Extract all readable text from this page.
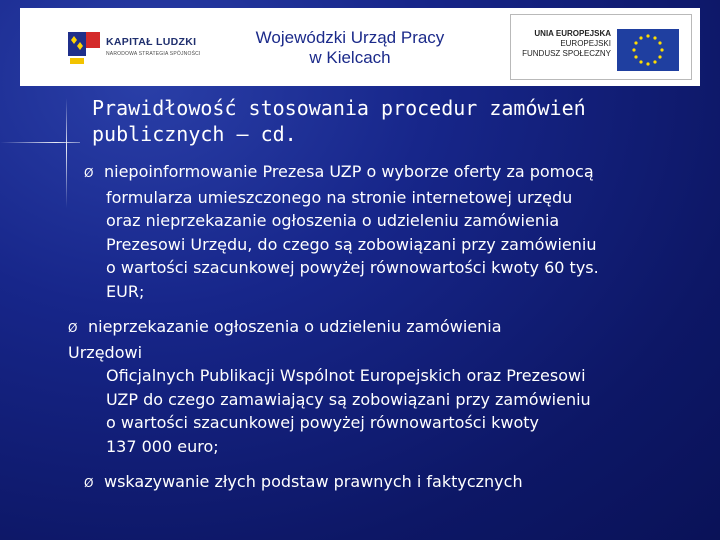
KAPITAŁ LUDZKI
NARODOWA STRATEGIA SPÓJNOŚCI
Wojewódzki Urząd Pracy
w Kielcach
UNIA EUROPEJSKA
EUROPEJSKI
FUNDUSZ SPOŁECZNY
Prawidłowość stosowania procedur zamówień
publicznych – cd.
Ø niepoinformowanie Prezesa UZP o wyborze oferty za pomocą
formularza umieszczonego na stronie internetowej urzędu
oraz nieprzekazanie ogłoszenia o udzieleniu zamówienia
Prezesowi Urzędu, do czego są zobowiązani przy zamówieniu
o wartości szacunkowej powyżej równowartości kwoty 60 tys.
EUR;
Ø nieprzekazanie ogłoszenia o udzieleniu zamówienia
Urzędowi
Oficjalnych Publikacji Wspólnot Europejskich oraz Prezesowi
UZP do czego zamawiający są zobowiązani przy zamówieniu
o wartości szacunkowej powyżej równowartości kwoty
137 000 euro;
Ø wskazywanie złych podstaw prawnych i faktycznych
